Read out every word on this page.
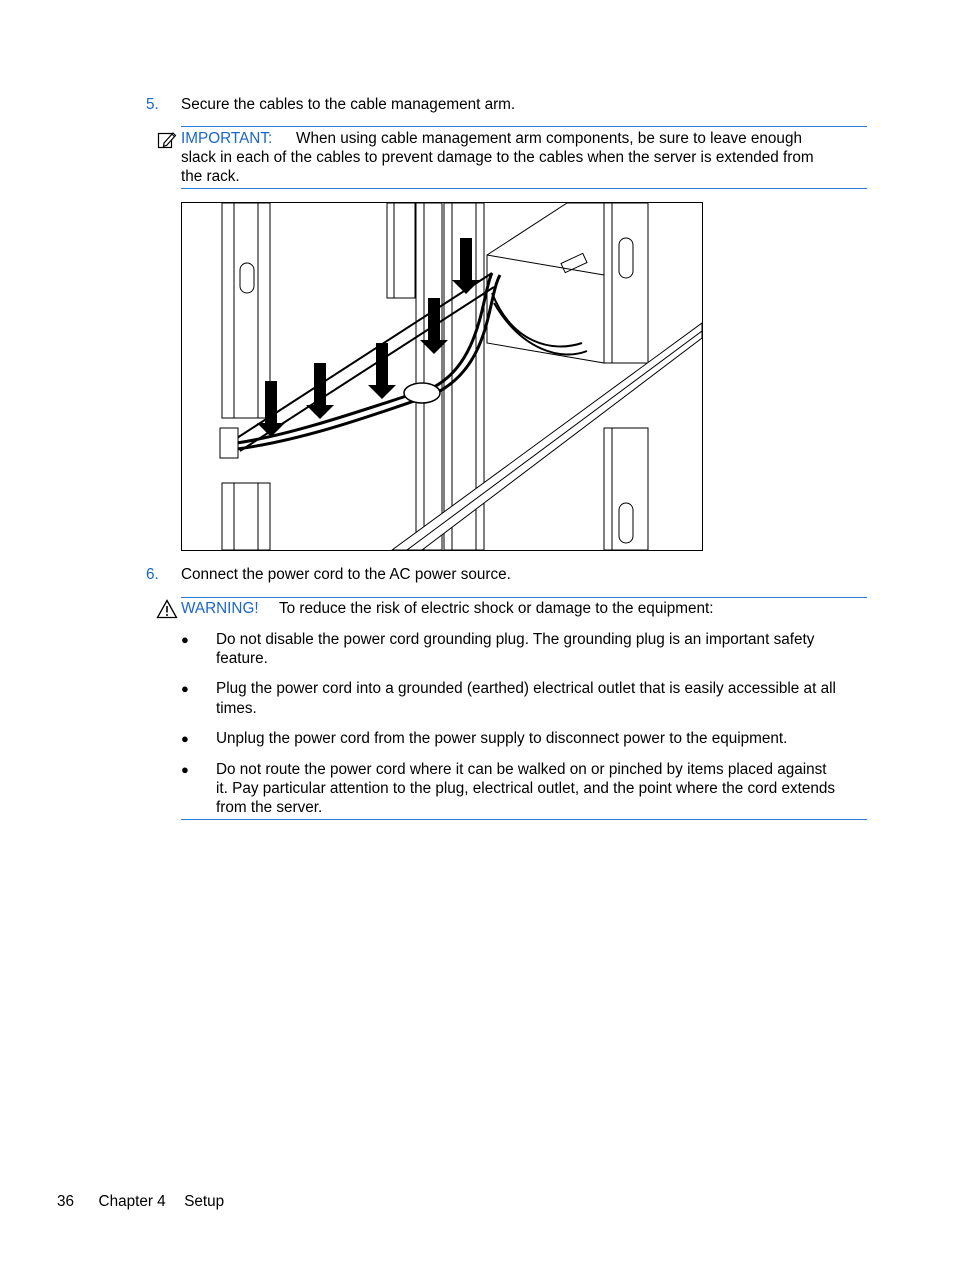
5. Secure the cables to the cable management arm.
IMPORTANT: When using cable management arm components, be sure to leave enough
slack in each of the cables to prevent damage to the cables when the server is extended from
the rack.
6. Connect the power cord to the AC power source.
WARNING! To reduce the risk of electric shock or damage to the equipment:
● Do not disable the power cord grounding plug. The grounding plug is an important safety
feature.
● Plug the power cord into a grounded (earthed) electrical outlet that is easily accessible at all
times.
● Unplug the power cord from the power supply to disconnect power to the equipment.
● Do not route the power cord where it can be walked on or pinched by items placed against
it. Pay particular attention to the plug, electrical outlet, and the point where the cord extends
from the server.
36 Chapter 4 Setup
